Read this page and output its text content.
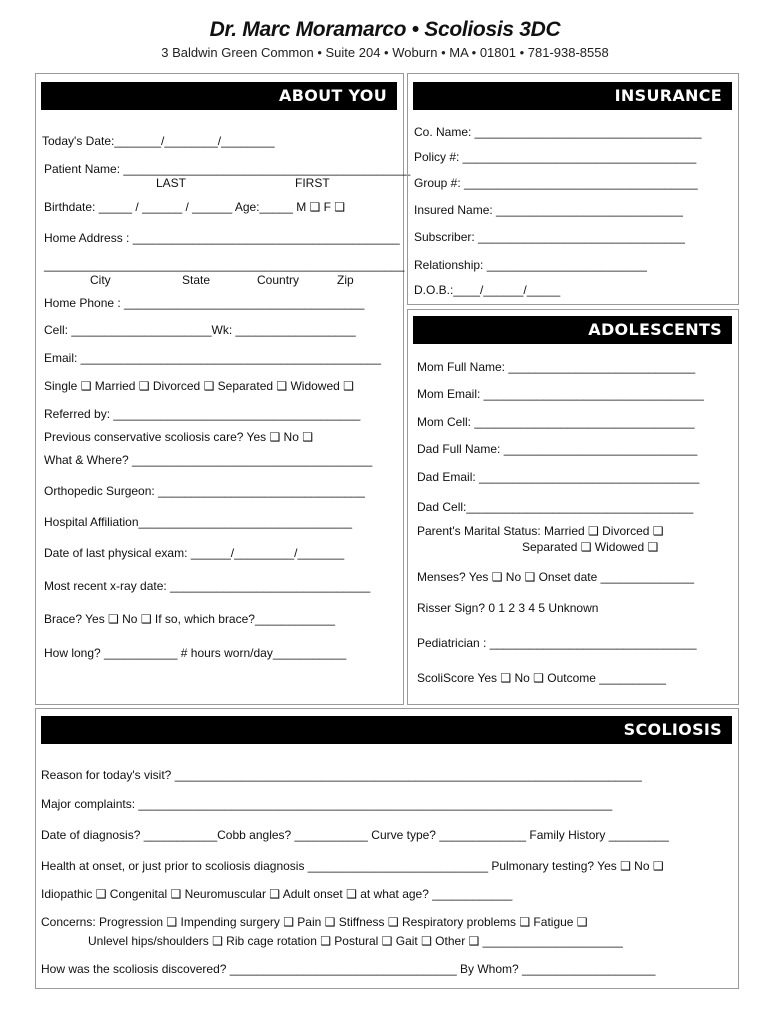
Dr. Marc Moramarco • Scoliosis 3DC
3 Baldwin Green Common • Suite 204 • Woburn • MA • 01801 • 781-938-8558
ABOUT YOU
Today's Date:_______/________/________
Patient Name: ___________________________________________
LAST	FIRST
Birthdate: _____ / ______ / ______ Age:_____ M ❑ F ❑
Home Address : ________________________________________
______________________________________________________
City	State	Country	Zip
Home Phone : ____________________________________
Cell: _____________________Wk: __________________
Email: _____________________________________________
Single ❑ Married ❑ Divorced ❑ Separated ❑ Widowed ❑
Referred by: _____________________________________
Previous conservative scoliosis care? Yes ❑ No ❑
What & Where? ____________________________________
Orthopedic Surgeon: _______________________________
Hospital Affiliation________________________________
Date of last physical exam: ______/_________/_______
Most recent x-ray date: ______________________________
Brace? Yes ❑ No ❑ If so, which brace?____________
How long? ___________ # hours worn/day___________
INSURANCE
Co. Name: __________________________________
Policy #: ___________________________________
Group #: ___________________________________
Insured Name: ____________________________
Subscriber: _______________________________
Relationship: ________________________
D.O.B.:____/______/_____
ADOLESCENTS
Mom Full Name: ____________________________
Mom Email: _________________________________
Mom Cell: _________________________________
Dad Full Name: _____________________________
Dad Email: _________________________________
Dad Cell:__________________________________
Parent's Marital Status: Married ❑ Divorced ❑
Separated ❑ Widowed ❑
Menses? Yes ❑ No ❑ Onset date ______________
Risser Sign? 0 1 2 3 4 5 Unknown
Pediatrician : _______________________________
ScoliScore Yes ❑ No ❑ Outcome __________
SCOLIOSIS
Reason for today's visit? ______________________________________________________________________
Major complaints: _______________________________________________________________________
Date of diagnosis? ___________Cobb angles? ___________ Curve type? _____________ Family History _________
Health at onset, or just prior to scoliosis diagnosis ___________________________ Pulmonary testing? Yes ❑ No ❑
Idiopathic ❑ Congenital ❑ Neuromuscular ❑ Adult onset ❑ at what age? ____________
Concerns: Progression ❑ Impending surgery ❑ Pain ❑ Stiffness ❑ Respiratory problems ❑ Fatigue ❑
Unlevel hips/shoulders ❑ Rib cage rotation ❑ Postural ❑ Gait ❑ Other ❑ _____________________
How was the scoliosis discovered? __________________________________ By Whom? ____________________
